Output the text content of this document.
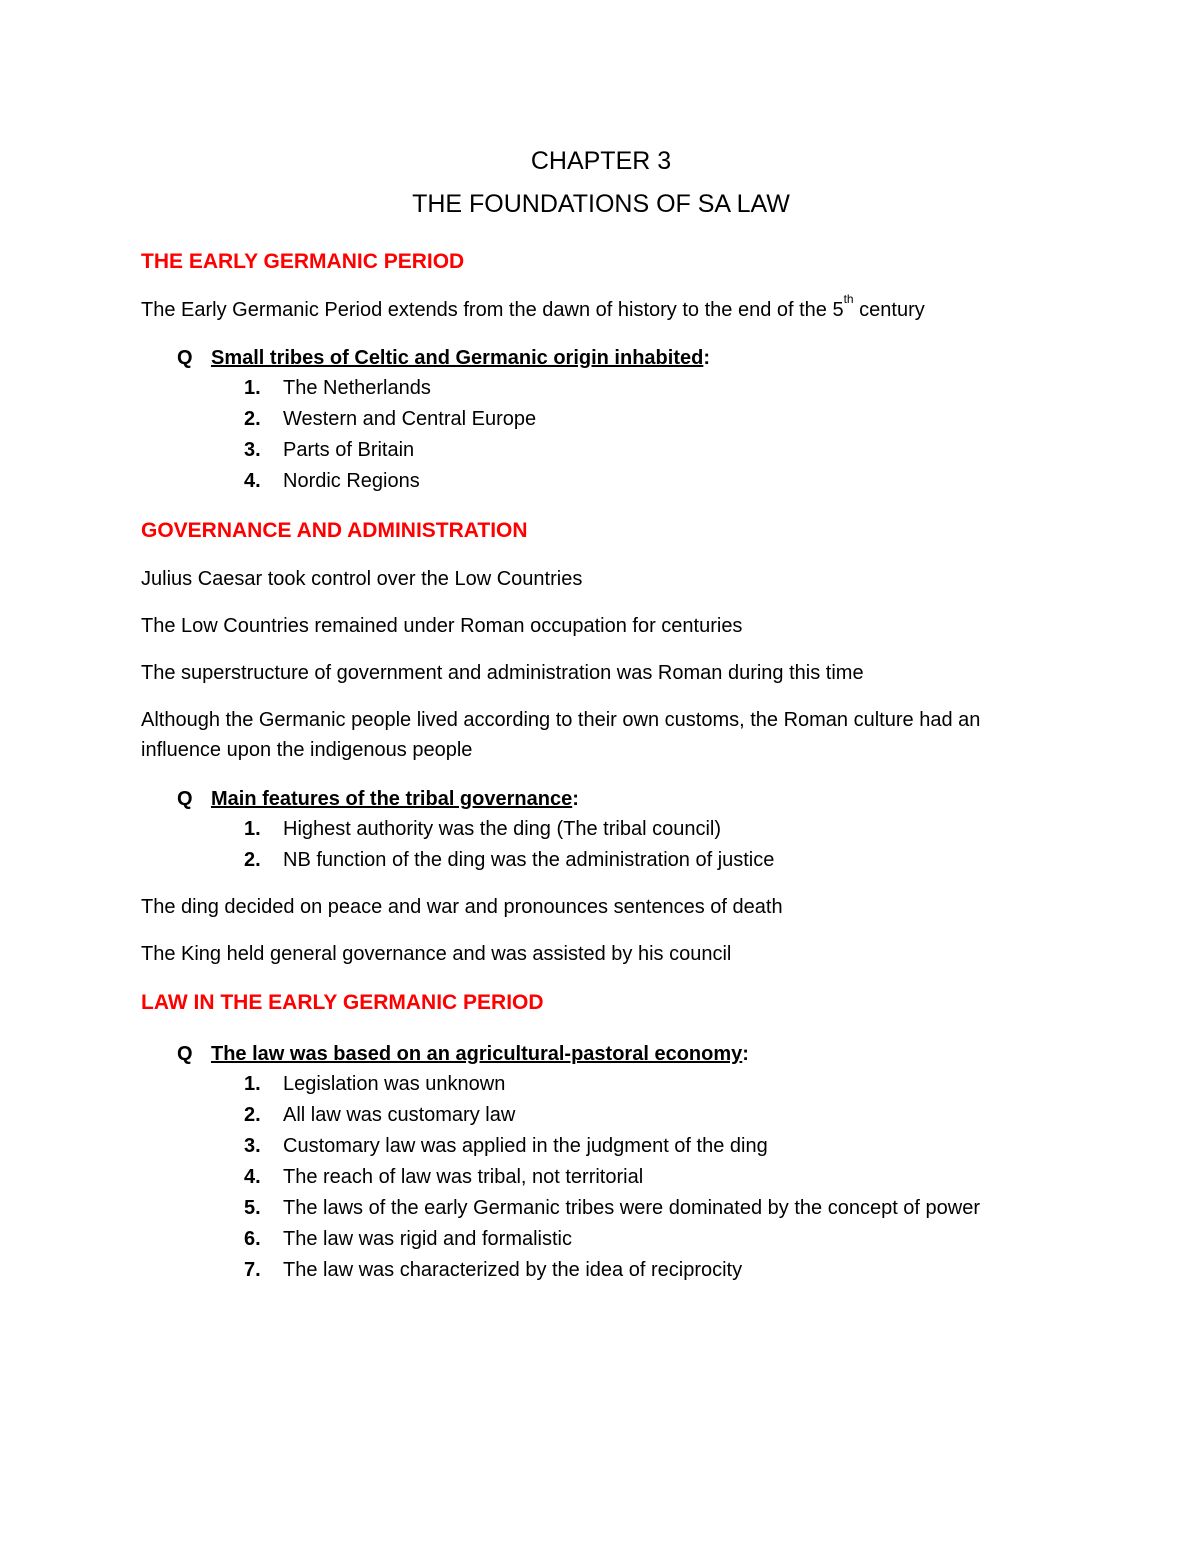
CHAPTER 3

THE FOUNDATIONS OF SA LAW

THE EARLY GERMANIC PERIOD

The Early Germanic Period extends from the dawn of history to the end of the 5th century

Q Small tribes of Celtic and Germanic origin inhabited:

1. The Netherlands
2. Western and Central Europe
3. Parts of Britain
4. Nordic Regions

GOVERNANCE AND ADMINISTRATION

Julius Caesar took control over the Low Countries

The Low Countries remained under Roman occupation for centuries

The superstructure of government and administration was Roman during this time

Although the Germanic people lived according to their own customs, the Roman culture had an
influence upon the indigenous people

Q Main features of the tribal governance:

1. Highest authority was the ding (The tribal council)
2. NB function of the ding was the administration of justice

The ding decided on peace and war and pronounces sentences of death

The King held general governance and was assisted by his council

LAW IN THE EARLY GERMANIC PERIOD

Q The law was based on an agricultural-pastoral economy:

1. Legislation was unknown
2. All law was customary law
3. Customary law was applied in the judgment of the ding
4. The reach of law was tribal, not territorial
5. The laws of the early Germanic tribes were dominated by the concept of power
6. The law was rigid and formalistic
7. The law was characterized by the idea of reciprocity
